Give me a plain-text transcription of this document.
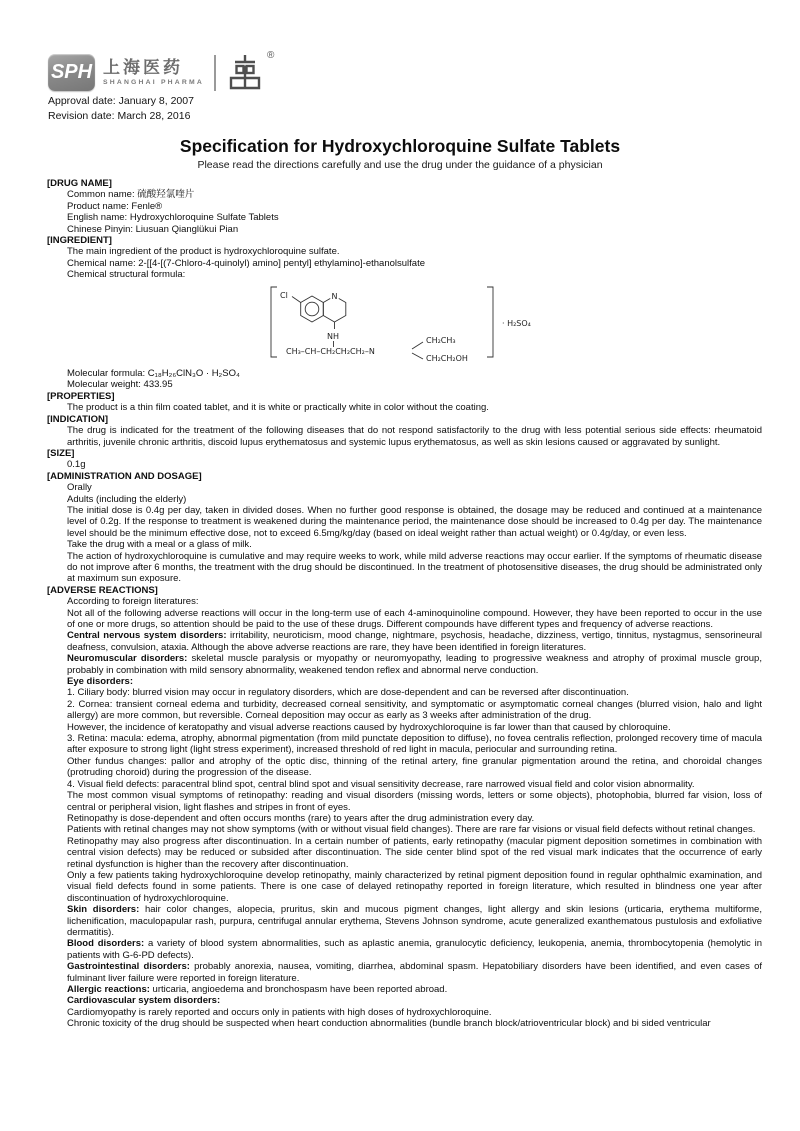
SPH 上海医药
SHANGHAI PHARMA
®
Approval date: January 8, 2007
Revision date: March 28, 2016
Specification for Hydroxychloroquine Sulfate Tablets
Please read the directions carefully and use the drug under the guidance of a physician
[DRUG NAME]
Common name: 硫酸羟氯喹片
Product name: Fenle®
English name: Hydroxychloroquine Sulfate Tablets
Chinese Pinyin: Liusuan Qianglükui Pian
[INGREDIENT]
The main ingredient of the product is hydroxychloroquine sulfate.
Chemical name: 2-[[4-[(7-Chloro-4-quinolyl) amino] pentyl] ethylamino]-ethanolsulfate
Chemical structural formula:
Cl	N
NH
CH₃–CH–CH₂CH₂CH₂–N
CH₂CH₃
CH₂CH₂OH
· H₂SO₄
Molecular formula: C₁₈H₂₆ClN₃O · H₂SO₄
Molecular weight: 433.95
[PROPERTIES]
The product is a thin film coated tablet, and it is white or practically white in color without the coating.
[INDICATION]
The drug is indicated for the treatment of the following diseases that do not respond satisfactorily to the drug with less potential serious side effects: rheumatoid arthritis, juvenile chronic arthritis, discoid lupus erythematosus and systemic lupus erythematosus, as well as skin lesions caused or aggravated by sunlight.
[SIZE]
0.1g
[ADMINISTRATION AND DOSAGE]
Orally
Adults (including the elderly)
The initial dose is 0.4g per day, taken in divided doses. When no further good response is obtained, the dosage may be reduced and continued at a maintenance level of 0.2g. If the response to treatment is weakened during the maintenance period, the maintenance dose should be increased to 0.4g per day. The maintenance level should be the minimum effective dose, not to exceed 6.5mg/kg/day (based on ideal weight rather than actual weight) or 0.4g/day, or even less.
Take the drug with a meal or a glass of milk.
The action of hydroxychloroquine is cumulative and may require weeks to work, while mild adverse reactions may occur earlier. If the symptoms of rheumatic disease do not improve after 6 months, the treatment with the drug should be discontinued. In the treatment of photosensitive diseases, the drug should be administrated only at maximum sun exposure.
[ADVERSE REACTIONS]
According to foreign literatures:
Not all of the following adverse reactions will occur in the long-term use of each 4-aminoquinoline compound. However, they have been reported to occur in the use of one or more drugs, so attention should be paid to the use of these drugs. Different compounds have different types and frequency of adverse reactions.
Central nervous system disorders: irritability, neuroticism, mood change, nightmare, psychosis, headache, dizziness, vertigo, tinnitus, nystagmus, sensorineural deafness, convulsion, ataxia. Although the above adverse reactions are rare, they have been identified in foreign literatures.
Neuromuscular disorders: skeletal muscle paralysis or myopathy or neuromyopathy, leading to progressive weakness and atrophy of proximal muscle group, probably in combination with mild sensory abnormality, weakened tendon reflex and abnormal nerve conduction.
Eye disorders:
1. Ciliary body: blurred vision may occur in regulatory disorders, which are dose-dependent and can be reversed after discontinuation.
2. Cornea: transient corneal edema and turbidity, decreased corneal sensitivity, and symptomatic or asymptomatic corneal changes (blurred vision, halo and light allergy) are more common, but reversible. Corneal deposition may occur as early as 3 weeks after administration of the drug.
However, the incidence of keratopathy and visual adverse reactions caused by hydroxychloroquine is far lower than that caused by chloroquine.
3. Retina: macula: edema, atrophy, abnormal pigmentation (from mild punctate deposition to diffuse), no fovea centralis reflection, prolonged recovery time of macula after exposure to strong light (light stress experiment), increased threshold of red light in macula, periocular and surrounding retina.
Other fundus changes: pallor and atrophy of the optic disc, thinning of the retinal artery, fine granular pigmentation around the retina, and choroidal changes (protruding choroid) during the progression of the disease.
4. Visual field defects: paracentral blind spot, central blind spot and visual sensitivity decrease, rare narrowed visual field and color vision abnormality.
The most common visual symptoms of retinopathy: reading and visual disorders (missing words, letters or some objects), photophobia, blurred far vision, loss of central or peripheral vision, light flashes and stripes in front of eyes.
Retinopathy is dose-dependent and often occurs months (rare) to years after the drug administration every day.
Patients with retinal changes may not show symptoms (with or without visual field changes). There are rare far visions or visual field defects without retinal changes.
Retinopathy may also progress after discontinuation. In a certain number of patients, early retinopathy (macular pigment deposition sometimes in combination with central vision defects) may be reduced or subsided after discontinuation. The side center blind spot of the red visual mark indicates that the occurrence of early retinal dysfunction is higher than the recovery after discontinuation.
Only a few patients taking hydroxychloroquine develop retinopathy, mainly characterized by retinal pigment deposition found in regular ophthalmic examination, and visual field defects found in some patients. There is one case of delayed retinopathy reported in foreign literature, which resulted in blindness one year after discontinuation of hydroxychloroquine.
Skin disorders: hair color changes, alopecia, pruritus, skin and mucous pigment changes, light allergy and skin lesions (urticaria, erythema multiforme, lichenification, maculopapular rash, purpura, centrifugal annular erythema, Stevens Johnson syndrome, acute generalized exanthematous pustulosis and exfoliative dermatitis).
Blood disorders: a variety of blood system abnormalities, such as aplastic anemia, granulocytic deficiency, leukopenia, anemia, thrombocytopenia (hemolytic in patients with G-6-PD defects).
Gastrointestinal disorders: probably anorexia, nausea, vomiting, diarrhea, abdominal spasm. Hepatobiliary disorders have been identified, and even cases of fulminant liver failure were reported in foreign literature.
Allergic reactions: urticaria, angioedema and bronchospasm have been reported abroad.
Cardiovascular system disorders:
Cardiomyopathy is rarely reported and occurs only in patients with high doses of hydroxychloroquine.
Chronic toxicity of the drug should be suspected when heart conduction abnormalities (bundle branch block/atrioventricular block) and bi sided ventricular
